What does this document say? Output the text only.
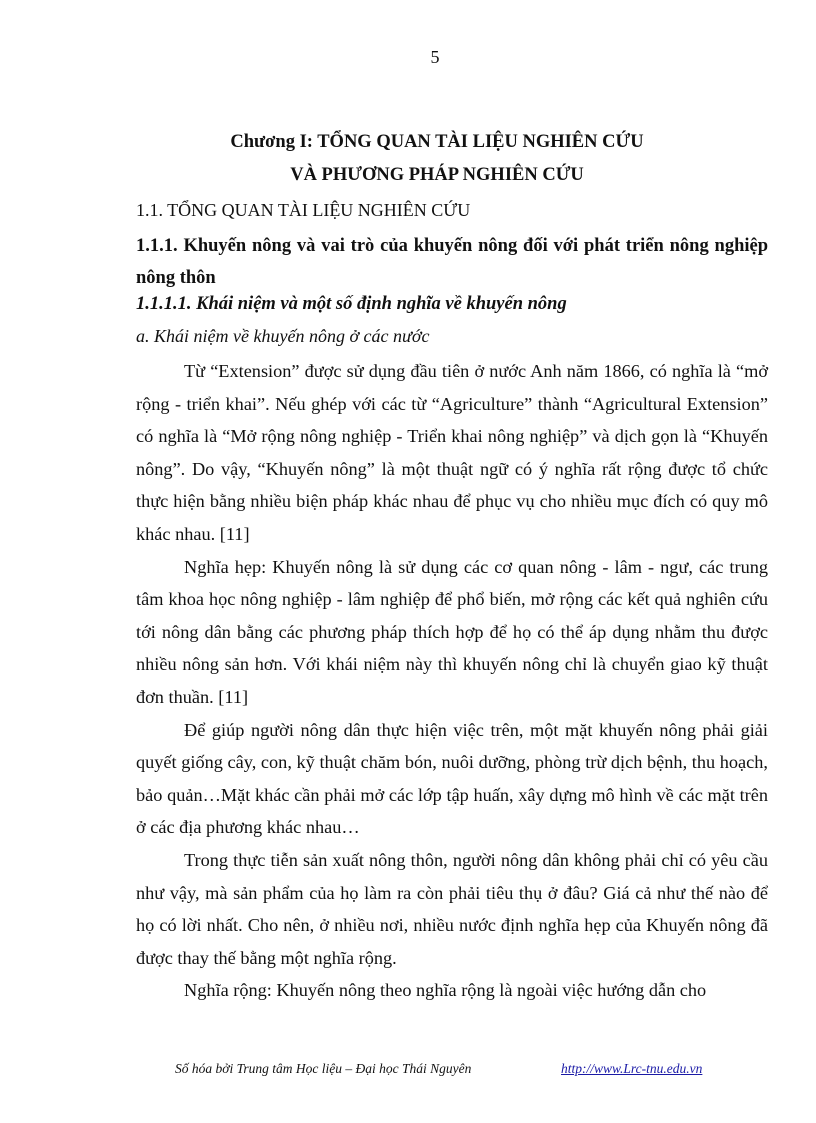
5
Chương I: TỔNG QUAN TÀI LIỆU NGHIÊN CỨU
VÀ PHƯƠNG PHÁP NGHIÊN CỨU
1.1. TỔNG QUAN TÀI LIỆU NGHIÊN CỨU
1.1.1. Khuyến nông và vai trò của khuyến nông đối với phát triển nông nghiệp nông thôn
1.1.1.1. Khái niệm và một số định nghĩa về khuyến nông
a. Khái niệm về khuyến nông ở các nước

Từ “Extension” được sử dụng đầu tiên ở nước Anh năm 1866, có nghĩa là “mở rộng - triển khai”. Nếu ghép với các từ “Agriculture” thành “Agricultural Extension” có nghĩa là “Mở rộng nông nghiệp - Triển khai nông nghiệp” và dịch gọn là “Khuyến nông”. Do vậy, “Khuyến nông” là một thuật ngữ có ý nghĩa rất rộng được tổ chức thực hiện bằng nhiều biện pháp khác nhau để phục vụ cho nhiều mục đích có quy mô khác nhau. [11]

Nghĩa hẹp: Khuyến nông là sử dụng các cơ quan nông - lâm - ngư, các trung tâm khoa học nông nghiệp - lâm nghiệp để phổ biến, mở rộng các kết quả nghiên cứu tới nông dân bằng các phương pháp thích hợp để họ có thể áp dụng nhằm thu được nhiều nông sản hơn. Với khái niệm này thì khuyến nông chỉ là chuyển giao kỹ thuật đơn thuần. [11]

Để giúp người nông dân thực hiện việc trên, một mặt khuyến nông phải giải quyết giống cây, con, kỹ thuật chăm bón, nuôi dưỡng, phòng trừ dịch bệnh, thu hoạch, bảo quản…Mặt khác cần phải mở các lớp tập huấn, xây dựng mô hình về các mặt trên ở các địa phương khác nhau…

Trong thực tiễn sản xuất nông thôn, người nông dân không phải chỉ có yêu cầu như vậy, mà sản phẩm của họ làm ra còn phải tiêu thụ ở đâu? Giá cả như thế nào để họ có lời nhất. Cho nên, ở nhiều nơi, nhiều nước định nghĩa hẹp của Khuyến nông đã được thay thế bằng một nghĩa rộng.

Nghĩa rộng: Khuyến nông theo nghĩa rộng là ngoài việc hướng dẫn cho

Số hóa bởi Trung tâm Học liệu – Đại học Thái Nguyên	http://www.Lrc-tnu.edu.vn
